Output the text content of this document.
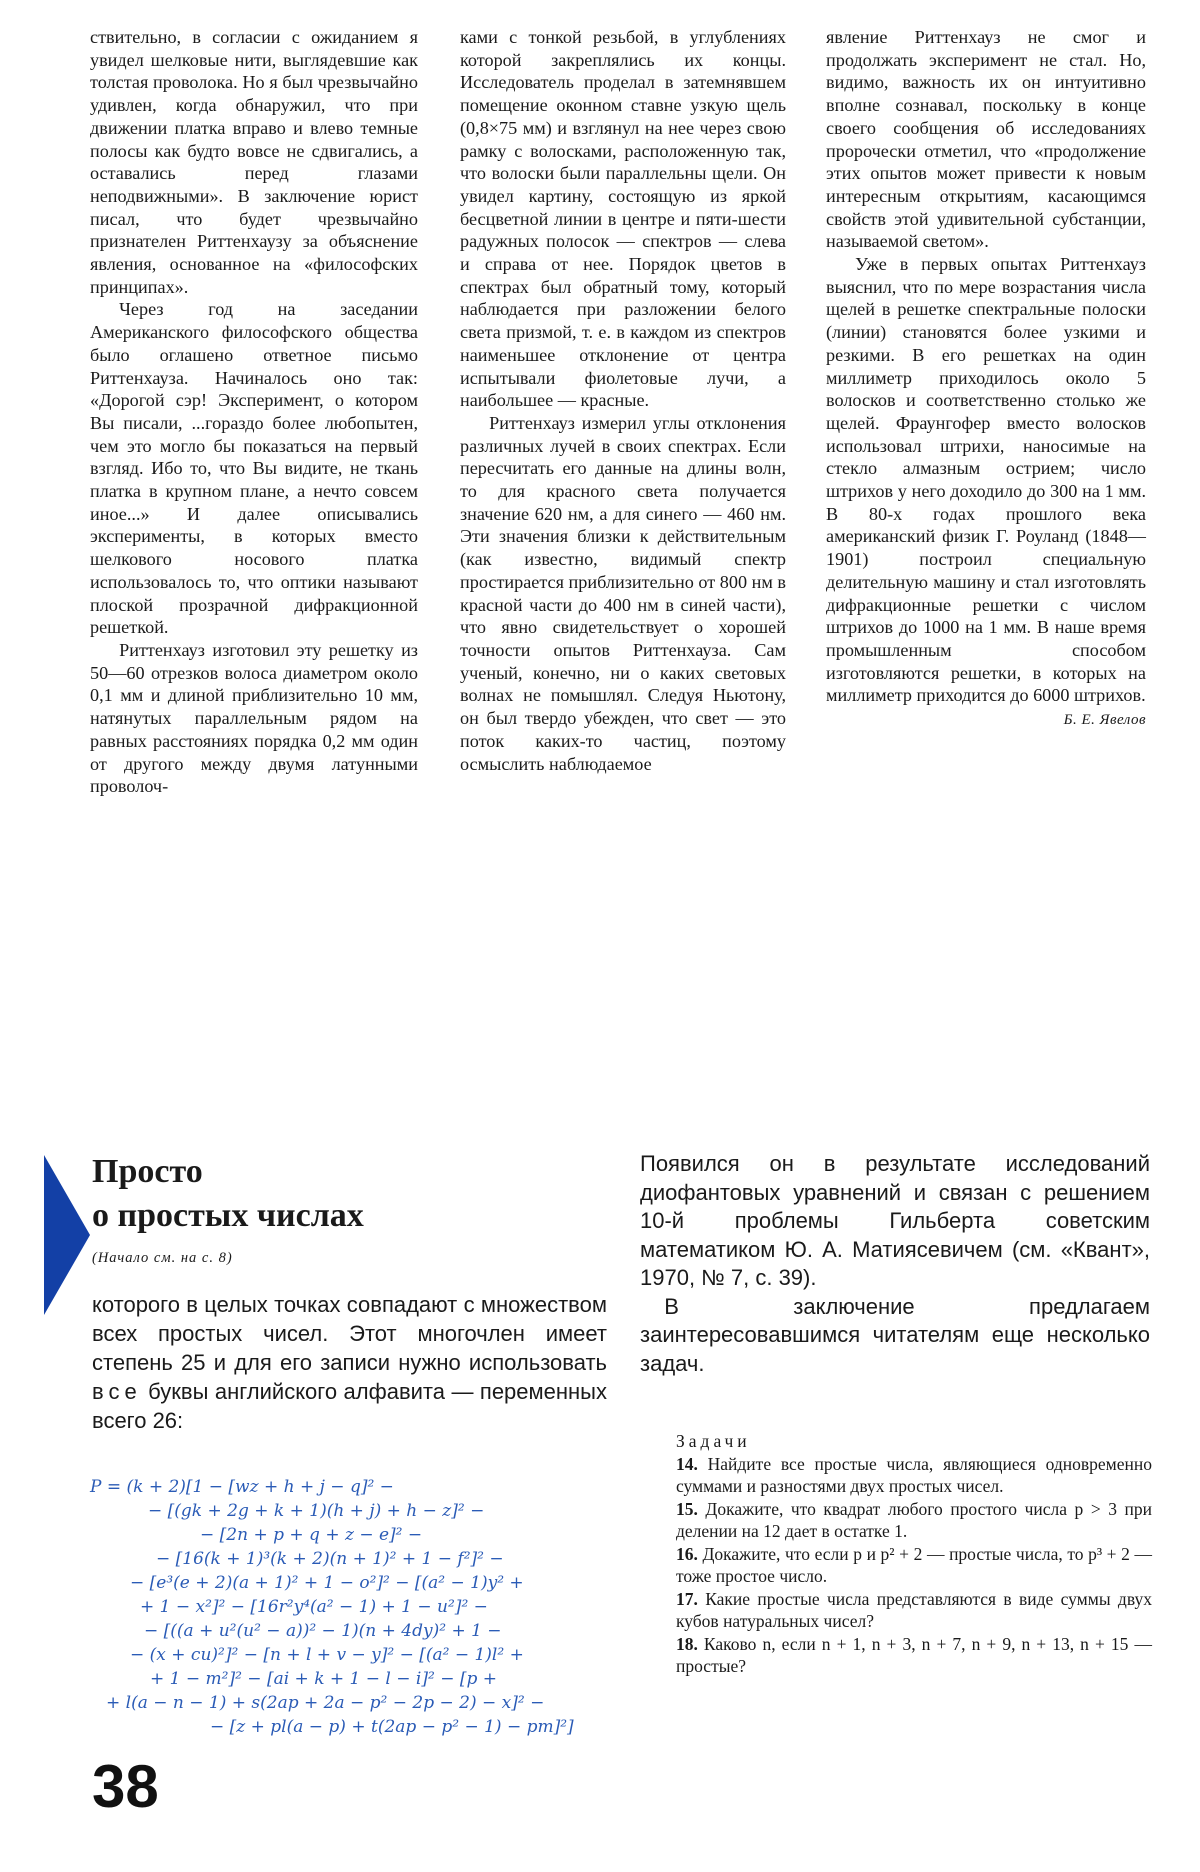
ствительно, в согласии с ожиданием я увидел шелковые нити, выглядевшие как толстая проволока. Но я был чрезвычайно удивлен, когда обнаружил, что при движении платка вправо и влево темные полосы как будто вовсе не сдвигались, а оставались перед глазами неподвижными». В заключение юрист писал, что будет чрезвычайно признателен Риттенхаузу за объяснение явления, основанное на «философских принципах».

Через год на заседании Американского философского общества было оглашено ответное письмо Риттенхауза. Начиналось оно так: «Дорогой сэр! Эксперимент, о котором Вы писали, ...гораздо более любопытен, чем это могло бы показаться на первый взгляд. Ибо то, что Вы видите, не ткань платка в крупном плане, а нечто совсем иное...» И далее описывались эксперименты, в которых вместо шелкового носового платка использовалось то, что оптики называют плоской прозрачной дифракционной решеткой.

Риттенхауз изготовил эту решетку из 50—60 отрезков волоса диаметром около 0,1 мм и длиной приблизительно 10 мм, натянутых параллельным рядом на равных расстояниях порядка 0,2 мм один от другого между двумя латунными проволоч-

ками с тонкой резьбой, в углублениях которой закреплялись их концы. Исследователь проделал в затемнявшем помещение оконном ставне узкую щель (0,8×75 мм) и взглянул на нее через свою рамку с волосками, расположенную так, что волоски были параллельны щели. Он увидел картину, состоящую из яркой бесцветной линии в центре и пяти-шести радужных полосок — спектров — слева и справа от нее. Порядок цветов в спектрах был обратный тому, который наблюдается при разложении белого света призмой, т. е. в каждом из спектров наименьшее отклонение от центра испытывали фиолетовые лучи, а наибольшее — красные.

Риттенхауз измерил углы отклонения различных лучей в своих спектрах. Если пересчитать его данные на длины волн, то для красного света получается значение 620 нм, а для синего — 460 нм. Эти значения близки к действительным (как известно, видимый спектр простирается приблизительно от 800 нм в красной части до 400 нм в синей части), что явно свидетельствует о хорошей точности опытов Риттенхауза. Сам ученый, конечно, ни о каких световых волнах не помышлял. Следуя Ньютону, он был твердо убежден, что свет — это поток каких-то частиц, поэтому осмыслить наблюдаемое

явление Риттенхауз не смог и продолжать эксперимент не стал. Но, видимо, важность их он интуитивно вполне сознавал, поскольку в конце своего сообщения об исследованиях пророчески отметил, что «продолжение этих опытов может привести к новым интересным открытиям, касающимся свойств этой удивительной субстанции, называемой светом».

Уже в первых опытах Риттенхауз выяснил, что по мере возрастания числа щелей в решетке спектральные полоски (линии) становятся более узкими и резкими. В его решетках на один миллиметр приходилось около 5 волосков и соответственно столько же щелей. Фраунгофер вместо волосков использовал штрихи, наносимые на стекло алмазным острием; число штрихов у него доходило до 300 на 1 мм. В 80-х годах прошлого века американский физик Г. Роуланд (1848—1901) построил специальную делительную машину и стал изготовлять дифракционные решетки с числом штрихов до 1000 на 1 мм. В наше время промышленным способом изготовляются решетки, в которых на миллиметр приходится до 6000 штрихов.

Б. Е. Явелов
Просто
о простых числах
(Начало см. на с. 8)

которого в целых точках совпадают с множеством всех простых чисел. Этот многочлен имеет степень 25 и для его записи нужно использовать все буквы английского алфавита — переменных всего 26:

P = (k + 2)[1 − [wz + h + j − q]² −
− [(gk + 2g + k + 1)(h + j) + h − z]² −
− [2n + p + q + z − e]² −
− [16(k + 1)³(k + 2)(n + 1)² + 1 − f²]² −
− [e³(e + 2)(a + 1)² + 1 − o²]² − [(a² − 1)y² +
+ 1 − x²]² − [16r²y⁴(a² − 1) + 1 − u²]² −
− [((a + u²(u² − a))² − 1)(n + 4dy)² + 1 −
− (x + cu)²]² − [n + l + v − y]² − [(a² − 1)l² +
+ 1 − m²]² − [ai + k + 1 − l − i]² − [p +
+ l(a − n − 1) + s(2ap + 2a − p² − 2p − 2) − x]² −
− [z + pl(a − p) + t(2ap − p² − 1) − pm]²]

Появился он в результате исследований диофантовых уравнений и связан с решением 10-й проблемы Гильберта советским математиком Ю. А. Матиясевичем (см. «Квант», 1970, № 7, с. 39).

В заключение предлагаем заинтересовавшимся читателям еще несколько задач.

Задачи

14. Найдите все простые числа, являющиеся одновременно суммами и разностями двух простых чисел.

15. Докажите, что квадрат любого простого числа p > 3 при делении на 12 дает в остатке 1.

16. Докажите, что если p и p² + 2 — простые числа, то p³ + 2 — тоже простое число.

17. Какие простые числа представляются в виде суммы двух кубов натуральных чисел?

18. Каково n, если n + 1, n + 3, n + 7, n + 9, n + 13, n + 15 — простые?

38
